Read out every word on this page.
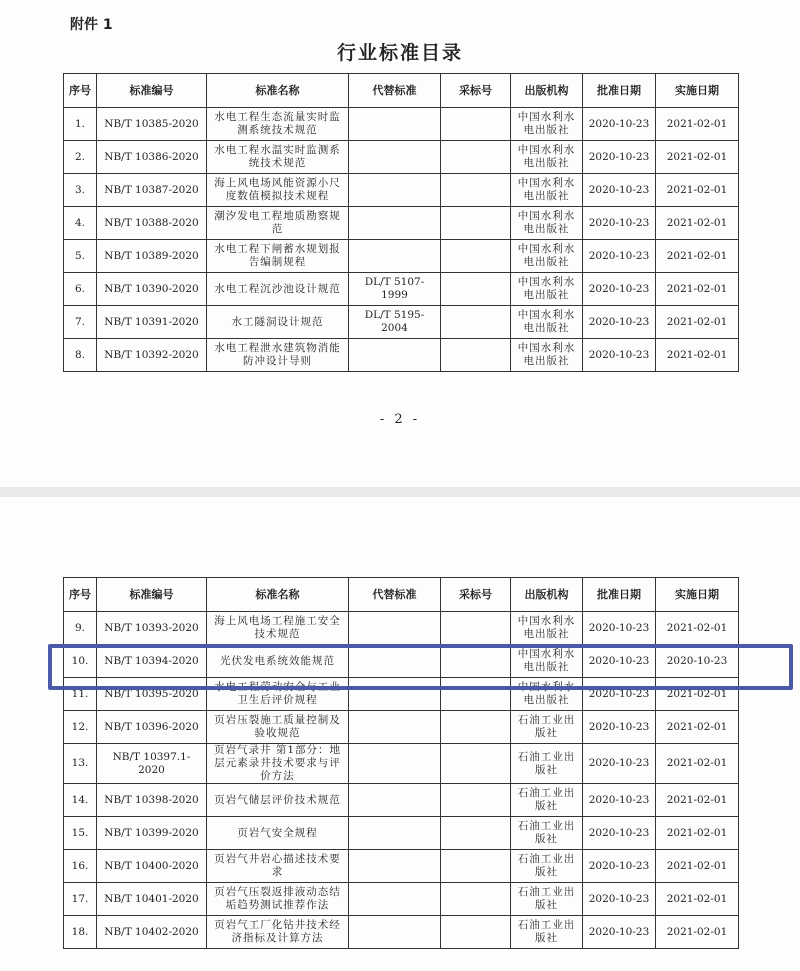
附件 1
行业标准目录
序号	标准编号	标准名称	代替标准	采标号	出版机构	批准日期	实施日期
1.	NB/T 10385-2020	水电工程生态流量实时监测系统技术规范			中国水利水电出版社	2020-10-23	2021-02-01
2.	NB/T 10386-2020	水电工程水温实时监测系统技术规范			中国水利水电出版社	2020-10-23	2021-02-01
3.	NB/T 10387-2020	海上风电场风能资源小尺度数值模拟技术规程			中国水利水电出版社	2020-10-23	2021-02-01
4.	NB/T 10388-2020	潮汐发电工程地质勘察规范			中国水利水电出版社	2020-10-23	2021-02-01
5.	NB/T 10389-2020	水电工程下闸蓄水规划报告编制规程			中国水利水电出版社	2020-10-23	2021-02-01
6.	NB/T 10390-2020	水电工程沉沙池设计规范	DL/T 5107-1999		中国水利水电出版社	2020-10-23	2021-02-01
7.	NB/T 10391-2020	水工隧洞设计规范	DL/T 5195-2004		中国水利水电出版社	2020-10-23	2021-02-01
8.	NB/T 10392-2020	水电工程泄水建筑物消能防冲设计导则			中国水利水电出版社	2020-10-23	2021-02-01
- 2 -
序号	标准编号	标准名称	代替标准	采标号	出版机构	批准日期	实施日期
9.	NB/T 10393-2020	海上风电场工程施工安全技术规范			中国水利水电出版社	2020-10-23	2021-02-01
10.	NB/T 10394-2020	光伏发电系统效能规范			中国水利水电出版社	2020-10-23	2020-10-23
11.	NB/T 10395-2020	水电工程劳动安全与工业卫生后评价规程			中国水利水电出版社	2020-10-23	2021-02-01
12.	NB/T 10396-2020	页岩压裂施工质量控制及验收规范			石油工业出版社	2020-10-23	2021-02-01
13.	NB/T 10397.1-2020	页岩气录井 第1部分：地层元素录井技术要求与评价方法			石油工业出版社	2020-10-23	2021-02-01
14.	NB/T 10398-2020	页岩气储层评价技术规范			石油工业出版社	2020-10-23	2021-02-01
15.	NB/T 10399-2020	页岩气安全规程			石油工业出版社	2020-10-23	2021-02-01
16.	NB/T 10400-2020	页岩气井岩心描述技术要求			石油工业出版社	2020-10-23	2021-02-01
17.	NB/T 10401-2020	页岩气压裂返排液动态结垢趋势测试推荐作法			石油工业出版社	2020-10-23	2021-02-01
18.	NB/T 10402-2020	页岩气工厂化钻井技术经济指标及计算方法			石油工业出版社	2020-10-23	2021-02-01
